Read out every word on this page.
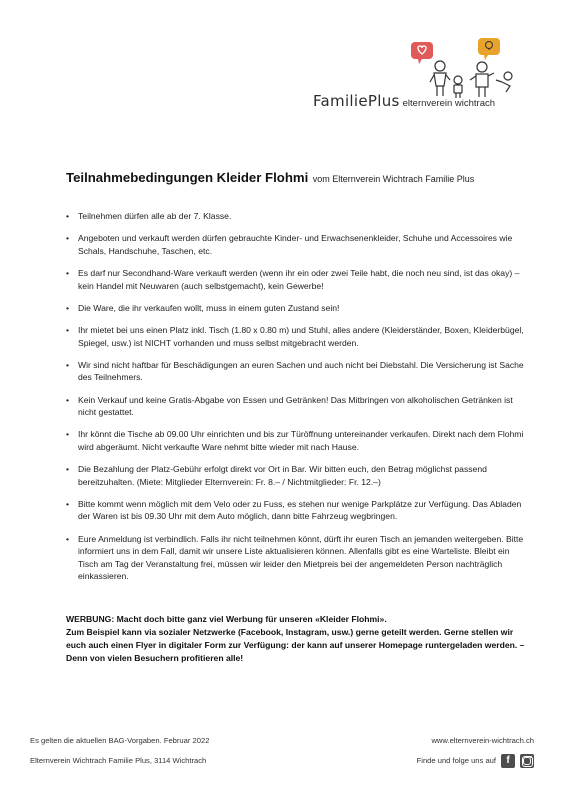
FamiliePlus elternverein wichtrach
Teilnahmebedingungen Kleider Flohmi vom Elternverein Wichtrach Familie Plus
• Teilnehmen dürfen alle ab der 7. Klasse.
• Angeboten und verkauft werden dürfen gebrauchte Kinder- und Erwachsenenkleider, Schuhe und Accessoires wie Schals, Handschuhe, Taschen, etc.
• Es darf nur Secondhand-Ware verkauft werden (wenn ihr ein oder zwei Teile habt, die noch neu sind, ist das okay) – kein Handel mit Neuwaren (auch selbstgemacht), kein Gewerbe!
• Die Ware, die ihr verkaufen wollt, muss in einem guten Zustand sein!
• Ihr mietet bei uns einen Platz inkl. Tisch (1.80 x 0.80 m) und Stuhl, alles andere (Kleiderständer, Boxen, Kleiderbügel, Spiegel, usw.) ist NICHT vorhanden und muss selbst mitgebracht werden.
• Wir sind nicht haftbar für Beschädigungen an euren Sachen und auch nicht bei Diebstahl. Die Versicherung ist Sache des Teilnehmers.
• Kein Verkauf und keine Gratis-Abgabe von Essen und Getränken! Das Mitbringen von alkoholischen Getränken ist nicht gestattet.
• Ihr könnt die Tische ab 09.00 Uhr einrichten und bis zur Türöffnung untereinander verkaufen. Direkt nach dem Flohmi wird abgeräumt. Nicht verkaufte Ware nehmt bitte wieder mit nach Hause.
• Die Bezahlung der Platz-Gebühr erfolgt direkt vor Ort in Bar. Wir bitten euch, den Betrag möglichst passend bereitzuhalten. (Miete: Mitglieder Elternverein: Fr. 8.– / Nichtmitglieder: Fr. 12.–)
• Bitte kommt wenn möglich mit dem Velo oder zu Fuss, es stehen nur wenige Parkplätze zur Verfügung. Das Abladen der Waren ist bis 09.30 Uhr mit dem Auto möglich, dann bitte Fahrzeug wegbringen.
• Eure Anmeldung ist verbindlich. Falls ihr nicht teilnehmen könnt, dürft ihr euren Tisch an jemanden weitergeben. Bitte informiert uns in dem Fall, damit wir unsere Liste aktualisieren können. Allenfalls gibt es eine Warteliste. Bleibt ein Tisch am Tag der Veranstaltung frei, müssen wir leider den Mietpreis bei der angemeldeten Person nachträglich einkassieren.

WERBUNG: Macht doch bitte ganz viel Werbung für unseren «Kleider Flohmi».

Zum Beispiel kann via sozialer Netzwerke (Facebook, Instagram, usw.) gerne geteilt werden. Gerne stellen wir euch auch einen Flyer in digitaler Form zur Verfügung: der kann auf unserer Homepage runtergeladen werden. – Denn von vielen Besuchern profitieren alle!

Es gelten die aktuellen BAG-Vorgaben. Februar 2022
Elternverein Wichtrach Familie Plus, 3114 Wichtrach
www.elternverein-wichtrach.ch
Finde und folge uns auf	f
